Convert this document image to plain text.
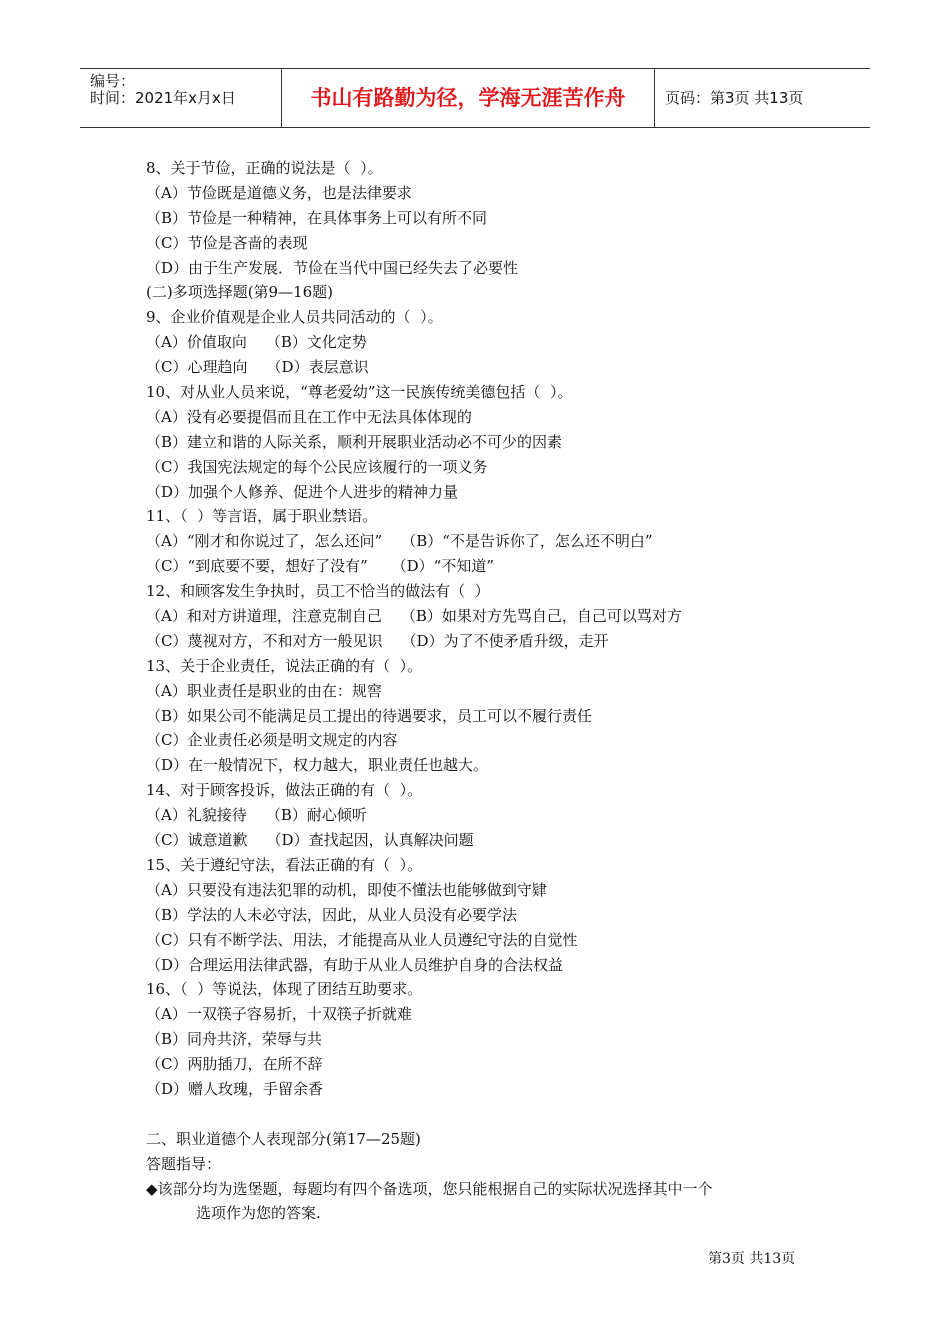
编号：
时间：2021年x月x日	书山有路勤为径，学海无涯苦作舟	页码：第3页 共13页
8、关于节俭，正确的说法是（  ）。
（A）节俭既是道德义务，也是法律要求
（B）节俭是一种精神，在具体事务上可以有所不同
（C）节俭是吝啬的表现
（D）由于生产发展．节俭在当代中国已经失去了必要性
(二)多项选择题(第9—16题)
9、企业价值观是企业人员共同活动的（  ）。
（A）价值取向    （B）文化定势
（C）心理趋向    （D）表层意识
10、对从业人员来说，“尊老爱幼”这一民族传统美德包括（  ）。
（A）没有必要提倡而且在工作中无法具体体现的
（B）建立和谐的人际关系，顺利开展职业活动必不可少的因素
（C）我国宪法规定的每个公民应该履行的一项义务
（D）加强个人修养、促进个人进步的精神力量
11、（  ）等言语，属于职业禁语。
（A）“刚才和你说过了，怎么还问”    （B）“不是告诉你了，怎么还不明白”
（C）“到底要不要，想好了没有”     （D）“不知道”
12、和顾客发生争执时，员工不恰当的做法有（  ）
（A）和对方讲道理，注意克制自己    （B）如果对方先骂自己，自己可以骂对方
（C）蔑视对方，不和对方一般见识    （D）为了不使矛盾升级，走开
13、关于企业责任，说法正确的有（  ）。
（A）职业责任是职业的由在：规窖
（B）如果公司不能满足员工提出的待遇要求，员工可以不履行责任
（C）企业责任必须是明文规定的内容
（D）在一般情况下，权力越大，职业责任也越大。
14、对于顾客投诉，做法正确的有（  ）。
（A）礼貌接待    （B）耐心倾听
（C）诚意道歉    （D）查找起因，认真解决问题
15、关于遵纪守法，看法正确的有（  ）。
（A）只要没有违法犯罪的动机，即使不懂法也能够做到守肄
（B）学法的人未必守法，因此，从业人员没有必要学法
（C）只有不断学法、用法，才能提高从业人员遵纪守法的自觉性
（D）合理运用法律武器，有助于从业人员维护自身的合法权益
16、（  ）等说法，体现了团结互助要求。
（A）一双筷子容易折，十双筷子折就难
（B）同舟共济，荣辱与共
（C）两肋插刀，在所不辞
（D）赠人玫瑰，手留余香
二、职业道德个人表现部分(第17—25题)
答题指导：
◆该部分均为选堡题，每题均有四个备选项，您只能根据自己的实际状况选择其中一个
选项作为您的答案.
第3页 共13页
